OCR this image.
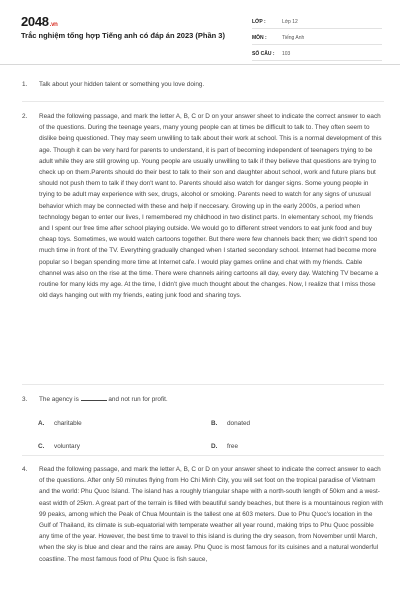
2048.vn
Trắc nghiệm tổng hợp Tiếng anh có đáp án 2023 (Phần 3)
LỚP :	Lớp 12
MÔN :	Tiếng Anh
SỐ CÂU :	103
1. Talk about your hidden talent or something you love doing.
2. Read the following passage, and mark the letter A, B, C or D on your answer sheet to indicate the correct answer to each of the questions. During the teenage years, many young people can at times be difficult to talk to. They often seem to dislike being questioned. They may seem unwilling to talk about their work at school. This is a normal development of this age. Though it can be very hard for parents to understand, it is part of becoming independent of teenagers trying to be adult while they are still growing up. Young people are usually unwilling to talk if they believe that questions are trying to check up on them.Parents should do their best to talk to their son and daughter about school, work and future plans but should not push them to talk if they don't want to. Parents should also watch for danger signs. Some young people in trying to be adult may experience with sex, drugs, alcohol or smoking. Parents need to watch for any signs of unusual behavior which may be connected with these and help if neccesary. Growing up in the early 2000s, a period when technology began to enter our lives, I remembered my childhood in two distinct parts. In elementary school, my friends and I spent our free time after school playing outside. We would go to different street vendors to eat junk food and buy cheap toys. Sometimes, we would watch cartoons together. But there were few channels back then; we didn't spend too much time in front of the TV. Everything gradually changed when I started secondary school. Internet had become more popular so I began spending more time at Internet cafe. I would play games online and chat with my friends. Cable channel was also on the rise at the time. There were channels airing cartoons all day, every day. Watching TV became a routine for many kids my age. At the time, I didn't give much thought about the changes. Now, I realize that I miss those old days hanging out with my friends, eating junk food and sharing toys.
3. The agency is	and not run for profit.
A. charitable	B. donated
C. voluntary	D. free
4. Read the following passage, and mark the letter A, B, C or D on your answer sheet to indicate the correct answer to each of the questions. After only 50 minutes flying from Ho Chi Minh City, you will set foot on the tropical paradise of Vietnam and the world: Phu Quoc Island. The island has a roughly triangular shape with a north-south length of 50km and a west-east width of 25km. A great part of the terrain is filled with beautiful sandy beaches, but there is a mountainous region with 99 peaks, among which the Peak of Chua Mountain is the tallest one at 603 meters. Due to Phu Quoc's location in the Gulf of Thailand, its climate is sub-equatorial with temperate weather all year round, making trips to Phu Quoc possible any time of the year. However, the best time to travel to this island is during the dry season, from November until March, when the sky is blue and clear and the rains are away. Phu Quoc is most famous for its cuisines and a natural wonderful coastline. The most famous food of Phu Quoc is fish sauce,
